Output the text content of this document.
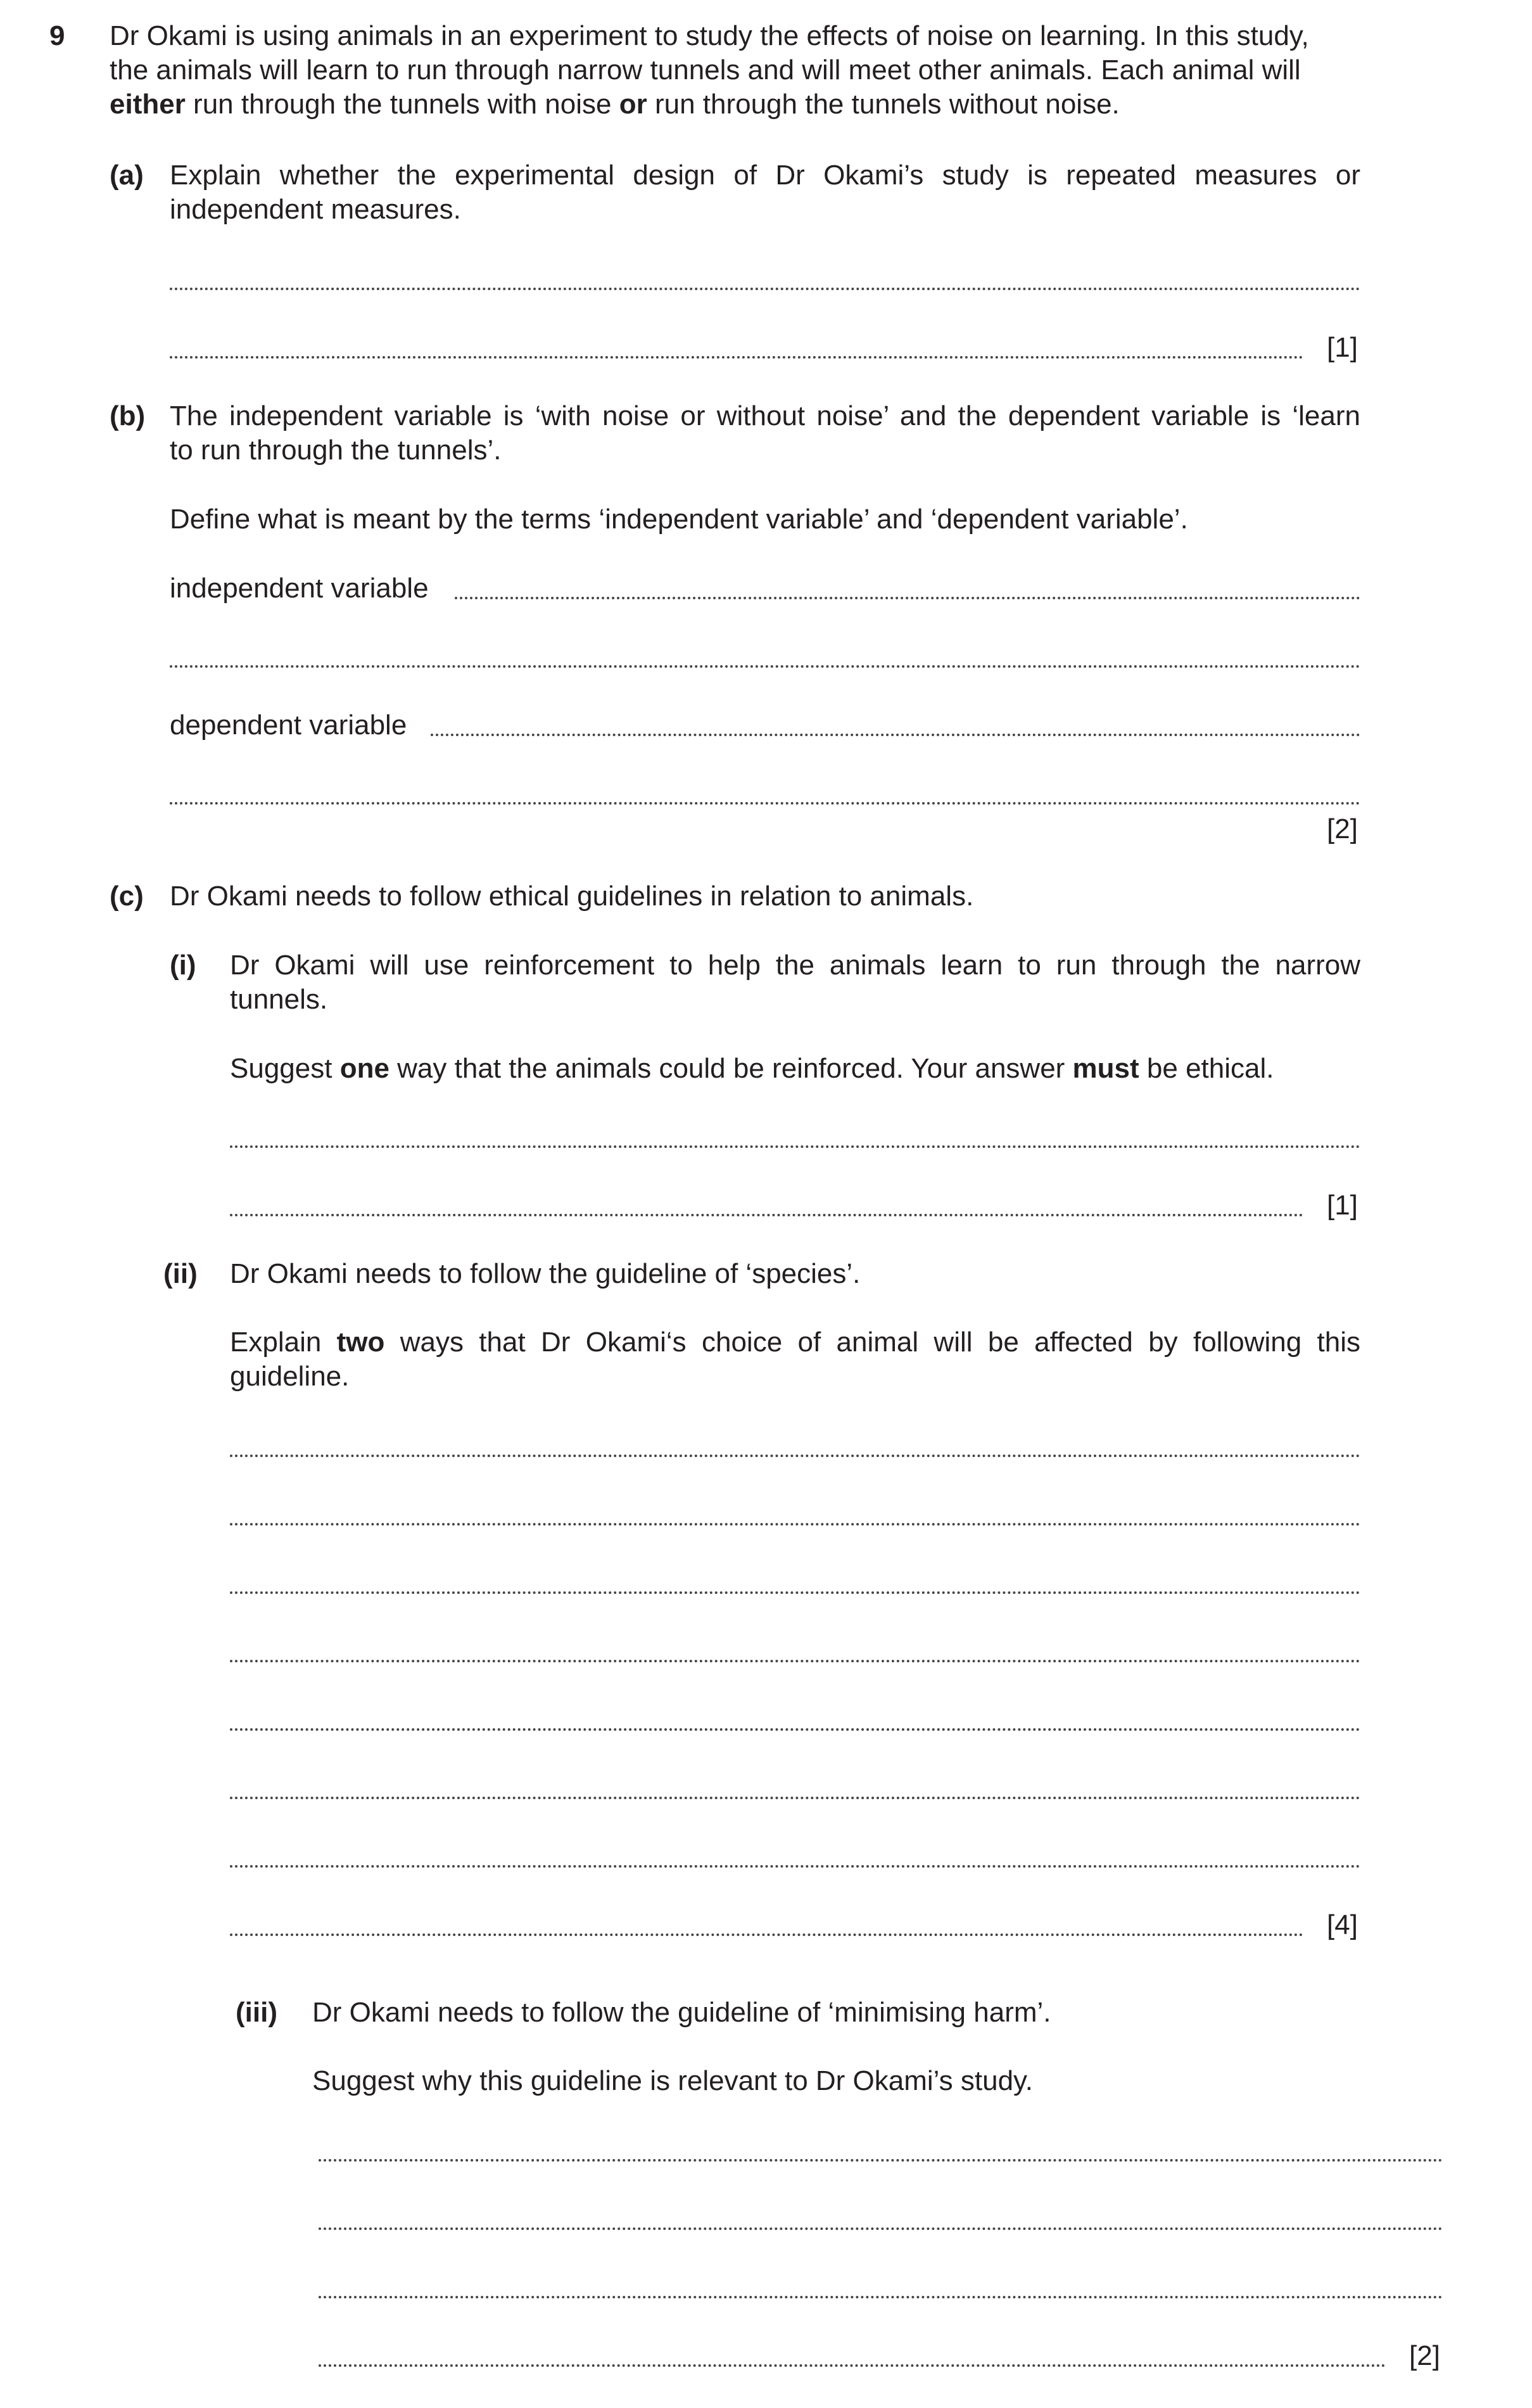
9 Dr Okami is using animals in an experiment to study the effects of noise on learning. In this study,
the animals will learn to run through narrow tunnels and will meet other animals. Each animal will
either run through the tunnels with noise or run through the tunnels without noise.
(a) Explain whether the experimental design of Dr Okami’s study is repeated measures or
independent measures.
[1]
(b) The independent variable is ‘with noise or without noise’ and the dependent variable is ‘learn
to run through the tunnels’.
Define what is meant by the terms ‘independent variable’ and ‘dependent variable’.
independent variable
dependent variable
[2]
(c) Dr Okami needs to follow ethical guidelines in relation to animals.
(i) Dr Okami will use reinforcement to help the animals learn to run through the narrow
tunnels.
Suggest one way that the animals could be reinforced. Your answer must be ethical.
[1]
(ii) Dr Okami needs to follow the guideline of ‘species’.
Explain two ways that Dr Okami‘s choice of animal will be affected by following this
guideline.
[4]
(iii) Dr Okami needs to follow the guideline of ‘minimising harm’.
Suggest why this guideline is relevant to Dr Okami’s study.
[2]
